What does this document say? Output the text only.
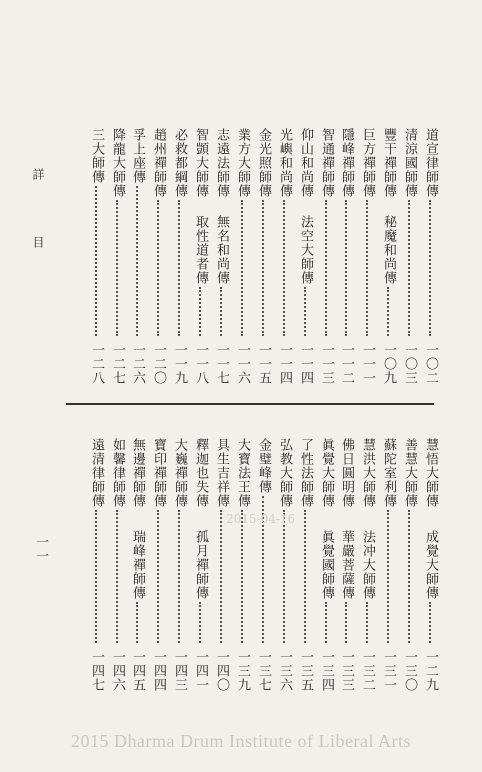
詳
目
道宣律師傳
一〇二
清涼國師傳
一〇三
豐干禪師傳
秘魔和尚傳
一〇九
巨方禪師傳
一一一
隱峰禪師傳
一一二
智通禪師傳
一一三
仰山和尚傳
法空大師傳
一一四
光嶼和尚傳
一一四
金光照師傳
一一五
業方大師傳
一一六
志遠法師傳
無名和尚傳
一一七
智顗大師傳
取性道者傳
一一八
必救都綱傳
一一九
趙州禪師傳
一二〇
孚上座傳
一二六
降龍大師傳
一二七
三大師傳
一二八
慧悟大師傳
成覺大師傳
一二九
善慧大師傳
一三〇
蘇陀室利傳
一三一
慧洪大師傳
法冲大師傳
一三二
佛日圓明傳
華嚴菩薩傳
一三三
眞覺大師傳
眞覺國師傳
一三四
了性法師傳
一三五
弘教大師傳
一三六
金璧峰傳
一三七
大寶法王傳
一三九
具生吉祥傳
一四〇
釋迦也失傳
孤月禪師傳
一四一
大巍禪師傳
一四三
寶印禪師傳
一四四
無邊禪師傳
瑞峰禪師傳
一四五
如馨律師傳
一四六
遠清律師傳
一四七
一一
2015-04-16
2015 Dharma Drum Institute of Liberal Arts
